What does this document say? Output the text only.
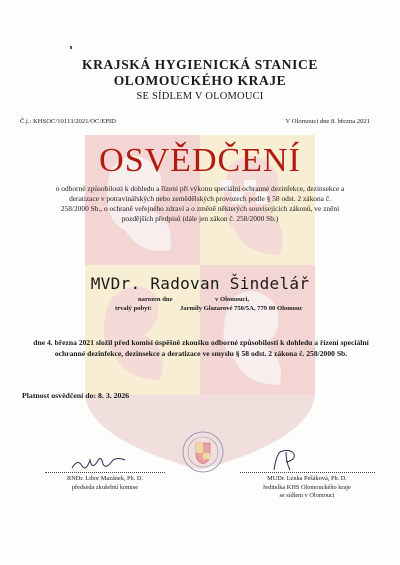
KRAJSKÁ HYGIENICKÁ STANICE
OLOMOUCKÉHO KRAJE
SE SÍDLEM V OLOMOUCI
Č.j.: KHSOC/10113/2021/OC/EPID	V Olomouci dne 8. března 2021
OSVĚDČENÍ
o odborné způsobilosti k dohledu a řízení při výkonu speciální ochranné dezinfekce, dezinsekce a deratizace v potravinářských nebo zemědělských provozech podle § 58 odst. 2 zákona č. 258/2000 Sb., o ochraně veřejného zdraví a o změně některých souvisejících zákonů, ve znění pozdějších předpisů (dále jen zákon č. 258/2000 Sb.)
MVDr. Radovan Šindelář
narozen dne	v Olomouci,
trvalý pobyt:	Jarmily Glazarové 750/5A, 779 00 Olomouc
dne 4. března 2021 složil před komisí úspěšně zkoušku odborné způsobilosti k dohledu a řízení speciální ochranné dezinfekce, dezinsekce a deratizace ve smyslu § 58 odst. 2 zákona č. 258/2000 Sb.
Platnost osvědčení do: 8. 3. 2026
RNDr. Libor Mazánek, Ph. D.
předseda zkušební komise
MUDr. Lenka Pešáková, Ph. D.
ředitelka KHS Olomouckého kraje
se sídlem v Olomouci
